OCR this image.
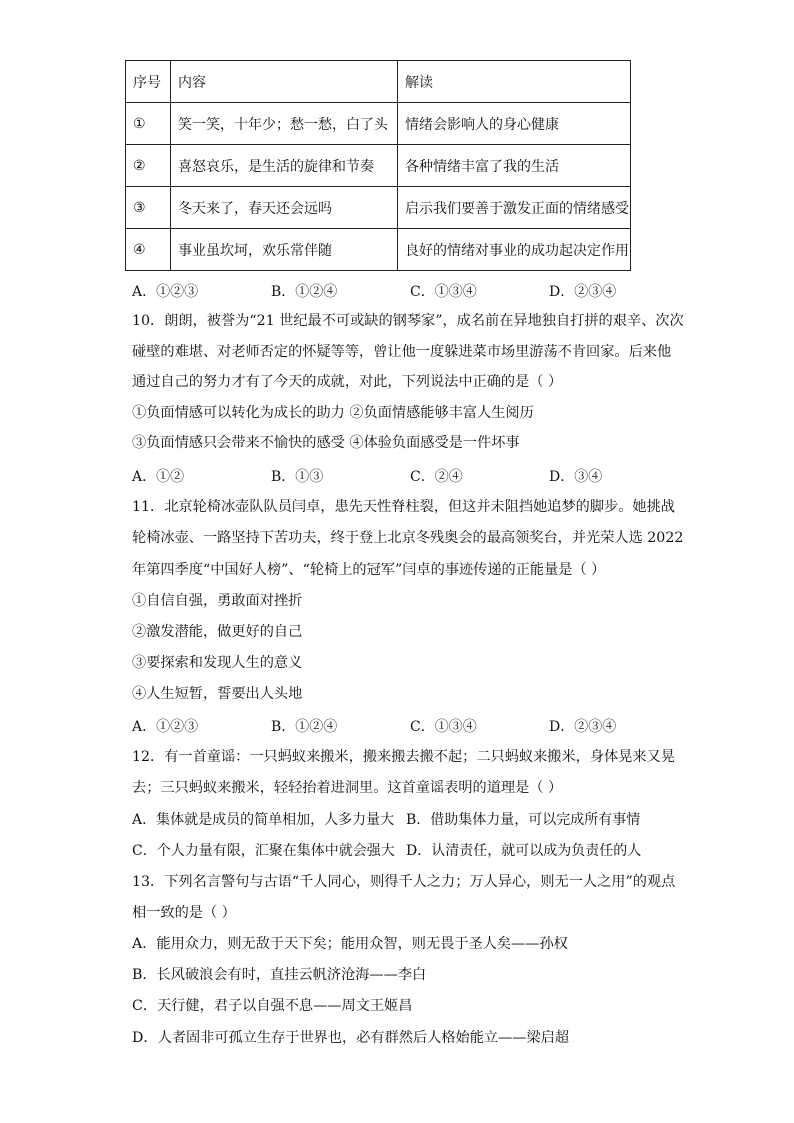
序号	内容	解读
①	笑一笑，十年少；愁一愁，白了头	情绪会影响人的身心健康
②	喜怒哀乐，是生活的旋律和节奏	各种情绪丰富了我的生活
③	冬天来了，春天还会远吗	启示我们要善于激发正面的情绪感受
④	事业虽坎坷，欢乐常伴随	良好的情绪对事业的成功起决定作用
A．①②③	B．①②④	C．①③④	D．②③④
10．朗朗，被誉为“21 世纪最不可或缺的钢琴家”，成名前在异地独自打拼的艰辛、次次
碰壁的难堪、对老师否定的怀疑等等，曾让他一度躲进菜市场里游荡不肯回家。后来他
通过自己的努力才有了今天的成就，对此，下列说法中正确的是（ ）
①负面情感可以转化为成长的助力 ②负面情感能够丰富人生阅历
③负面情感只会带来不愉快的感受 ④体验负面感受是一件坏事
A．①②	B．①③	C．②④	D．③④
11．北京轮椅冰壶队队员闫卓，患先天性脊柱裂，但这并未阻挡她追梦的脚步。她挑战
轮椅冰壶、一路坚持下苦功夫，终于登上北京冬残奥会的最高领奖台，并光荣人选 2022
年第四季度“中国好人榜”、“轮椅上的冠军”闫卓的事迹传递的正能量是（ ）
①自信自强，勇敢面对挫折
②激发潜能，做更好的自己
③要探索和发现人生的意义
④人生短暂，誓要出人头地
A．①②③	B．①②④	C．①③④	D．②③④
12．有一首童谣：一只蚂蚁来搬米，搬来搬去搬不起；二只蚂蚁来搬米，身体晃来又晃
去；三只蚂蚁来搬米，轻轻抬着进洞里。这首童谣表明的道理是（ ）
A．集体就是成员的简单相加，人多力量大 B．借助集体力量，可以完成所有事情
C．个人力量有限，汇聚在集体中就会强大 D．认清责任，就可以成为负责任的人
13．下列名言警句与古语“千人同心，则得千人之力；万人异心，则无一人之用”的观点
相一致的是（ ）
A．能用众力，则无敌于天下矣；能用众智，则无畏于圣人矣——孙权
B．长风破浪会有时，直挂云帆济沧海——李白
C．天行健，君子以自强不息——周文王姬昌
D．人者固非可孤立生存于世界也，必有群然后人格始能立——梁启超
